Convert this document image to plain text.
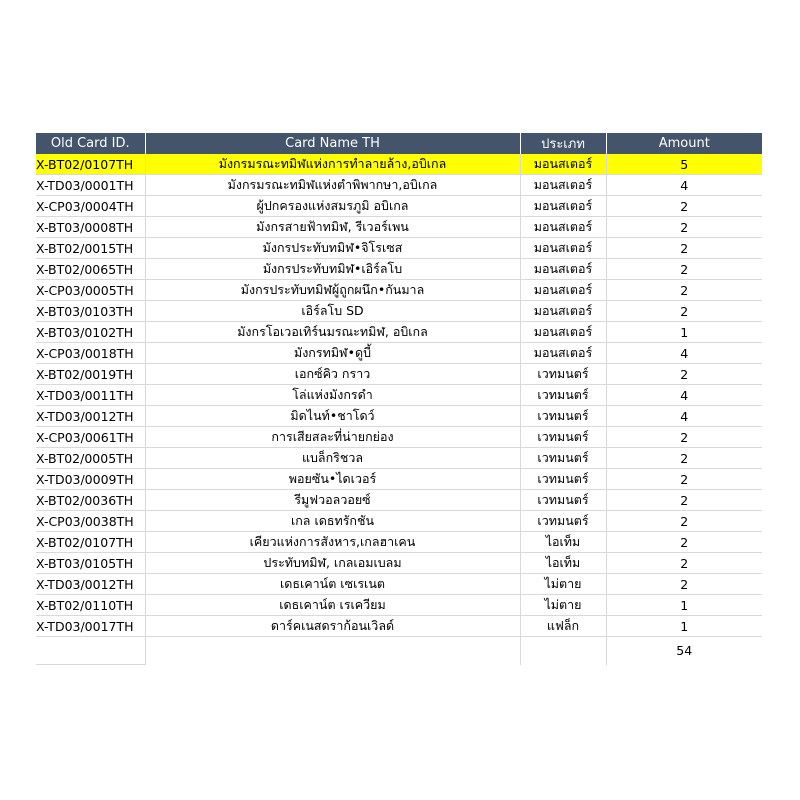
Old Card ID.	Card Name TH	ประเภท	Amount
X-BT02/0107TH	มังกรมรณะทมิฬแห่งการทำลายล้าง,อบิเกล	มอนสเตอร์	5
X-TD03/0001TH	มังกรมรณะทมิฬแห่งตำพิพากษา,อบิเกล	มอนสเตอร์	4
X-CP03/0004TH	ผู้ปกครองแห่งสมรภูมิ อบิเกล	มอนสเตอร์	2
X-BT03/0008TH	มังกรสายฟ้าทมิฬ, รีเวอร์เพน	มอนสเตอร์	2
X-BT02/0015TH	มังกรประทับทมิฬ•จิโรเซส	มอนสเตอร์	2
X-BT02/0065TH	มังกรประทับทมิฬ•เอิร์ลโบ	มอนสเตอร์	2
X-CP03/0005TH	มังกรประทับทมิฬผู้ถูกผนึก•กันมาล	มอนสเตอร์	2
X-BT03/0103TH	เอิร์ลโบ SD	มอนสเตอร์	2
X-BT03/0102TH	มังกรโอเวอเทิร์นมรณะทมิฬ, อบิเกล	มอนสเตอร์	1
X-CP03/0018TH	มังกรทมิฬ•ดูบี้	มอนสเตอร์	4
X-BT02/0019TH	เอกซ์คิว กราว	เวทมนตร์	2
X-TD03/0011TH	โล่แห่งมังกรดำ	เวทมนตร์	4
X-TD03/0012TH	มิดไนท์•ชาโดว์	เวทมนตร์	4
X-CP03/0061TH	การเสียสละที่น่ายกย่อง	เวทมนตร์	2
X-BT02/0005TH	แบล็กริชวล	เวทมนตร์	2
X-TD03/0009TH	พอยซัน•ไดเวอร์	เวทมนตร์	2
X-BT02/0036TH	รีมูฟวอลวอยซ์	เวทมนตร์	2
X-CP03/0038TH	เกล เดธทรักชัน	เวทมนตร์	2
X-BT02/0107TH	เคียวแห่งการสังหาร,เกลฮาเคน	ไอเท็ม	2
X-BT03/0105TH	ประทับทมิฬ, เกลเอมเบลม	ไอเท็ม	2
X-TD03/0012TH	เดธเคาน์ต เซเรเนต	ไม่ตาย	2
X-BT02/0110TH	เดธเคาน์ต เรเควียม	ไม่ตาย	1
X-TD03/0017TH	ดาร์คเนสดราก้อนเวิลด์	แฟล็ก	1
			54
